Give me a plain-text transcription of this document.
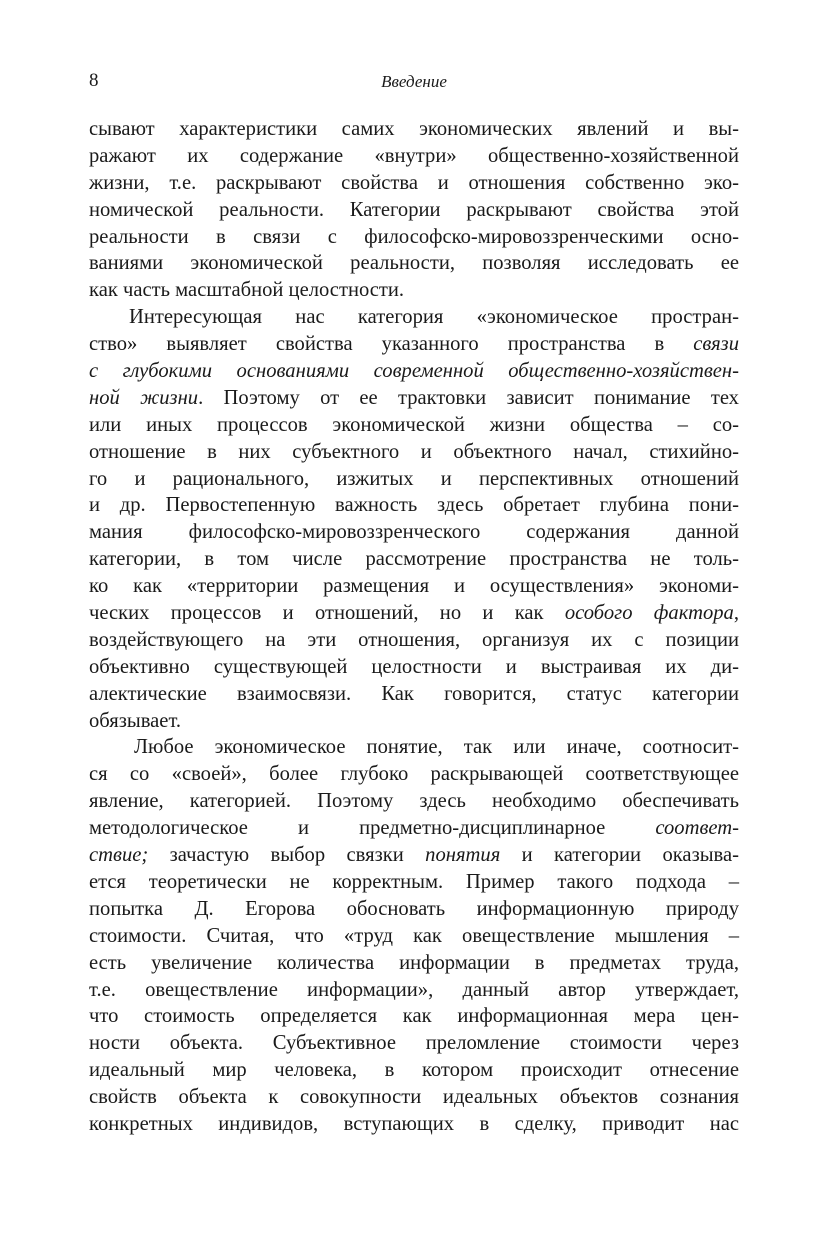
8	Введение
сывают характеристики самих экономических явлений и вы-
ражают их содержание «внутри» общественно-хозяйственной
жизни, т.е. раскрывают свойства и отношения собственно эко-
номической реальности. Категории раскрывают свойства этой
реальности в связи с философско-мировоззренческими осно-
ваниями экономической реальности, позволяя исследовать ее
как часть масштабной целостности.
Интересующая нас категория «экономическое простран-
ство» выявляет свойства указанного пространства в связи
с глубокими основаниями современной общественно-хозяйствен-
ной жизни. Поэтому от ее трактовки зависит понимание тех
или иных процессов экономической жизни общества – со-
отношение в них субъектного и объектного начал, стихийно-
го и рационального, изжитых и перспективных отношений
и др. Первостепенную важность здесь обретает глубина пони-
мания философско-мировоззренческого содержания данной
категории, в том числе рассмотрение пространства не толь-
ко как «территории размещения и осуществления» экономи-
ческих процессов и отношений, но и как особого фактора,
воздействующего на эти отношения, организуя их с позиции
объективно существующей целостности и выстраивая их ди-
алектические взаимосвязи. Как говорится, статус категории
обязывает.
Любое экономическое понятие, так или иначе, соотносит-
ся со «своей», более глубоко раскрывающей соответствующее
явление, категорией. Поэтому здесь необходимо обеспечивать
методологическое и предметно-дисциплинарное соответ-
ствие; зачастую выбор связки понятия и категории оказыва-
ется теоретически не корректным. Пример такого подхода –
попытка Д. Егорова обосновать информационную природу
стоимости. Считая, что «труд как овеществление мышления –
есть увеличение количества информации в предметах труда,
т.е. овеществление информации», данный автор утверждает,
что стоимость определяется как информационная мера цен-
ности объекта. Субъективное преломление стоимости через
идеальный мир человека, в котором происходит отнесение
свойств объекта к совокупности идеальных объектов сознания
конкретных индивидов, вступающих в сделку, приводит нас
